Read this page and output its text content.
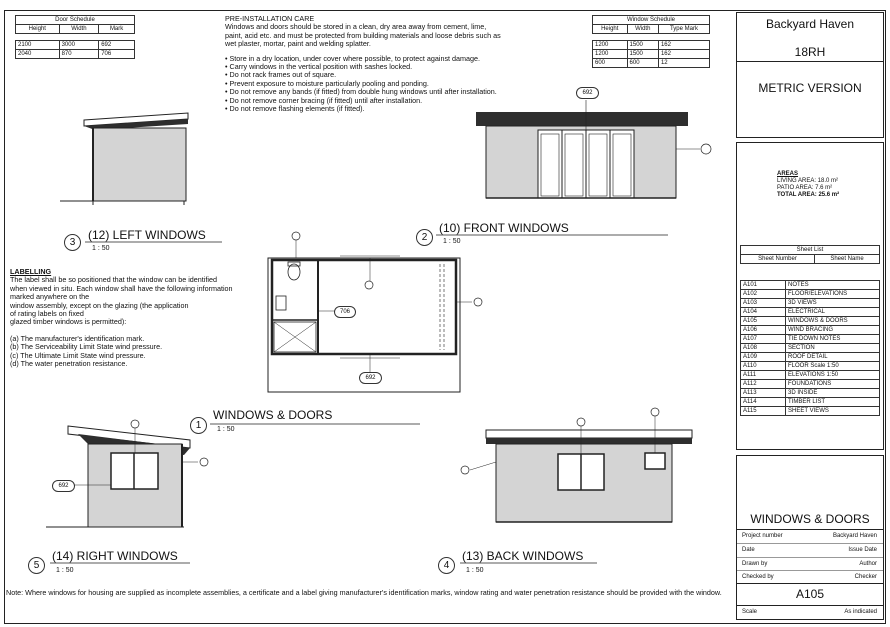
Door Schedule		
Height	Width	Mark

2100	3000	692
2040	870	706
Window Schedule		
Height	Width	Type Mark

1200	1500	162
1200	1500	162
600	600	12
PRE-INSTALLATION CARE
Windows and doors should be stored in a clean, dry area away from cement, lime,
paint, acid etc. and must be protected from building materials and loose debris such as
wet plaster, mortar, paint and welding splatter.
• Store in a dry location, under cover where possible, to protect against damage.
• Carry windows in the vertical position with sashes locked.
• Do not rack frames out of square.
• Prevent exposure to moisture particularly pooling and ponding.
• Do not remove any bands (if fitted) from double hung windows until after installation.
• Do not remove corner bracing (if fitted) until after installation.
• Do not remove flashing elements (if fitted).
LABELLING
The label shall be so positioned that the window can be identified
when viewed in situ. Each window shall have the following information
marked anywhere on the
window assembly, except on the glazing (the application
of rating labels on fixed
glazed timber windows is permitted):
(a) The manufacturer's identification mark.
(b) The Serviceability Limit State wind pressure.
(c) The Ultimate Limit State wind pressure.
(d) The water penetration resistance.
692
706
692
692
3
(12) LEFT WINDOWS
1 : 50
2
(10) FRONT WINDOWS
1 : 50
1
WINDOWS & DOORS
1 : 50
5
(14) RIGHT WINDOWS
1 : 50	4
(13) BACK WINDOWS
1 : 50
Note: Where windows for housing are supplied as incomplete assemblies, a certificate and a label giving manufacturer's identification marks, window rating and water penetration resistance should be provided with the window.
Backyard Haven
18RH
METRIC VERSION
AREAS
LIVING AREA: 18.0 m²
PATIO AREA: 7.6 m²
TOTAL AREA: 25.6 m²
Sheet List
Sheet Number	Sheet Name
A101	NOTES
A102	FLOOR/ELEVATIONS
A103	3D VIEWS
A104	ELECTRICAL
A105	WINDOWS & DOORS
A106	WIND BRACING
A107	TIE DOWN NOTES
A108	SECTION
A109	ROOF DETAIL
A110	FLOOR Scale 1:50
A111	ELEVATIONS 1:50
A112	FOUNDATIONS
A113	3D INSIDE
A114	TIMBER LIST
A115	SHEET VIEWS
WINDOWS & DOORS
Project number	Backyard Haven
Date	Issue Date
Drawn by	Author
Checked by	Checker
A105
Scale	As indicated
